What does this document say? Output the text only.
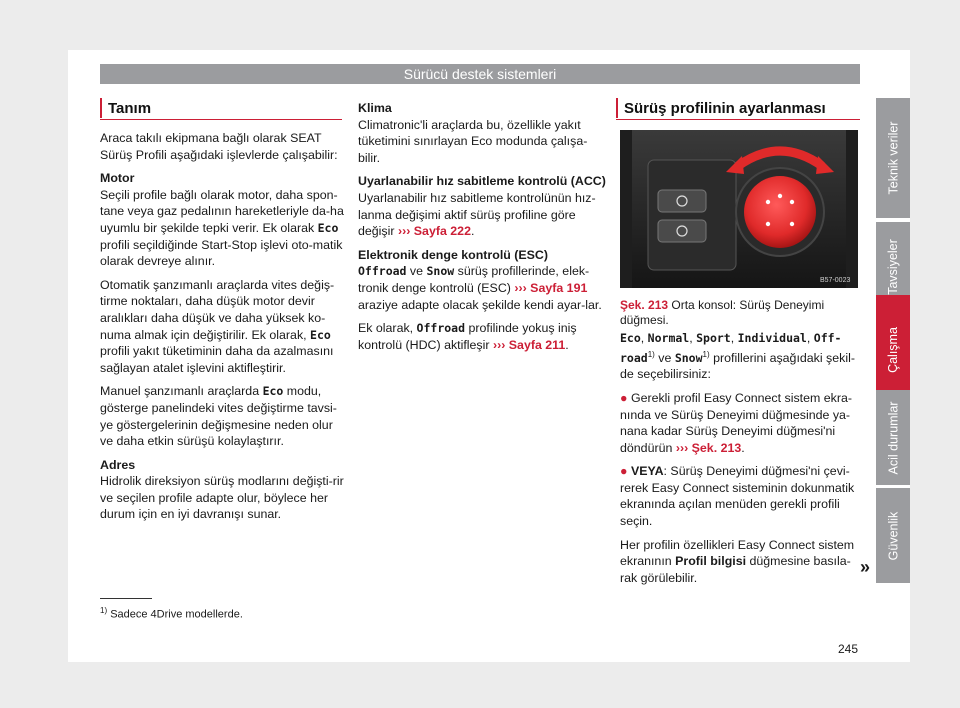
Sürücü destek sistemleri
Teknik veriler
Tavsiyeler
Çalışma
Acil durumlar
Güvenlik
Tanım

Araca takılı ekipmana bağlı olarak SEAT Sürüş Profili aşağıdaki işlevlerde çalışabilir:

Motor

Seçili profile bağlı olarak motor, daha spon-tane veya gaz pedalının hareketleriyle da-ha uyumlu bir şekilde tepki verir. Ek olarak Eco profili seçildiğinde Start-Stop işlevi oto-matik olarak devreye alınır.

Otomatik şanzımanlı araçlarda vites değiş-tirme noktaları, daha düşük motor devir aralıkları daha düşük ve daha yüksek ko-numa almak için değiştirilir. Ek olarak, Eco profili yakıt tüketiminin daha da azalmasını sağlayan atalet işlevini aktifleştirir.

Manuel şanzımanlı araçlarda Eco modu, gösterge panelindeki vites değiştirme tavsi-ye göstergelerinin değişmesine neden olur ve daha etkin sürüşü kolaylaştırır.

Adres

Hidrolik direksiyon sürüş modlarını değişti-rir ve seçilen profile adapte olur, böylece her durum için en iyi davranışı sunar.

Klima

Climatronic'li araçlarda bu, özellikle yakıt tüketimini sınırlayan Eco modunda çalışa-bilir.

Uyarlanabilir hız sabitleme kontrolü (ACC)

Uyarlanabilir hız sabitleme kontrolünün hız-lanma değişimi aktif sürüş profiline göre değişir ››› Sayfa 222.

Elektronik denge kontrolü (ESC)

Offroad ve Snow sürüş profillerinde, elek-tronik denge kontrolü (ESC) ››› Sayfa 191 araziye adapte olacak şekilde kendi ayar-lar.

Ek olarak, Offroad profilinde yokuş iniş kontrolü (HDC) aktifleşir ››› Sayfa 211.

Sürüş profilinin ayarlanması
B57-0023
Şek. 213 Orta konsol: Sürüş Deneyimi düğmesi.

Eco, Normal, Sport, Individual, Off-road$^{1)}$ ve Snow$^{1)}$ profillerini aşağıdaki şekil-de seçebilirsiniz:

● Gerekli profil Easy Connect sistem ekra-nında ve Sürüş Deneyimi düğmesinde ya-nana kadar Sürüş Deneyimi düğmesi'ni döndürün ››› Şek. 213.

● VEYA: Sürüş Deneyimi düğmesi'ni çevi-rerek Easy Connect sisteminin dokunmatik ekranında açılan menüden gerekli profili seçin.

Her profilin özellikleri Easy Connect sistem ekranının Profil bilgisi düğmesine basıla-rak görülebilir.

»
$^{1)}$ Sadece 4Drive modellerde.
245
